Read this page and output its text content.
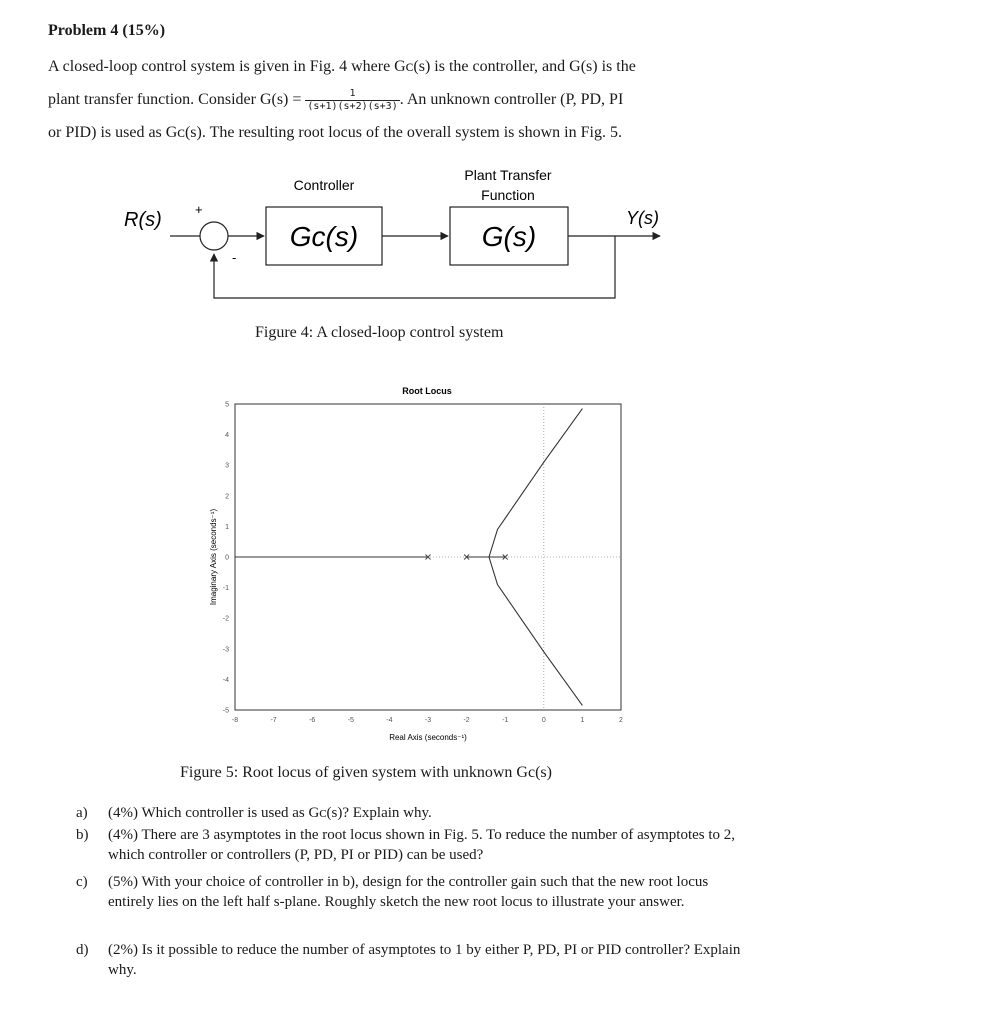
Problem 4 (15%)
A closed-loop control system is given in Fig. 4 where Gᴄ(s) is the controller, and G(s) is the
plant transfer function. Consider $G(s) = \frac{1}{(s+1)(s+2)(s+3)}$ . An unknown controller (P, PD, PI
or PID) is used as Gᴄ(s). The resulting root locus of the overall system is shown in Fig. 5.
R(s)	Y(s)
+
-
Controller
Gc(s)
Plant Transfer
Function
G(s)
Figure 4: A closed-loop control system
Root Locus
-8	-7	-6	-5	-4	-3	-2	-1	0	1	2
5
4
3
2
1
0
-1
-2
-3
-4
-5
Real Axis (seconds⁻¹)
Imaginary Axis (seconds⁻¹)
Figure 5: Root locus of given system with unknown Gc(s)
a) (4%) Which controller is used as Gᴄ(s)? Explain why.
b) (4%) There are 3 asymptotes in the root locus shown in Fig. 5. To reduce the number of asymptotes to 2, which controller or controllers (P, PD, PI or PID) can be used?
c) (5%) With your choice of controller in b), design for the controller gain such that the new root locus entirely lies on the left half s-plane. Roughly sketch the new root locus to illustrate your answer.
d) (2%) Is it possible to reduce the number of asymptotes to 1 by either P, PD, PI or PID controller? Explain why.
